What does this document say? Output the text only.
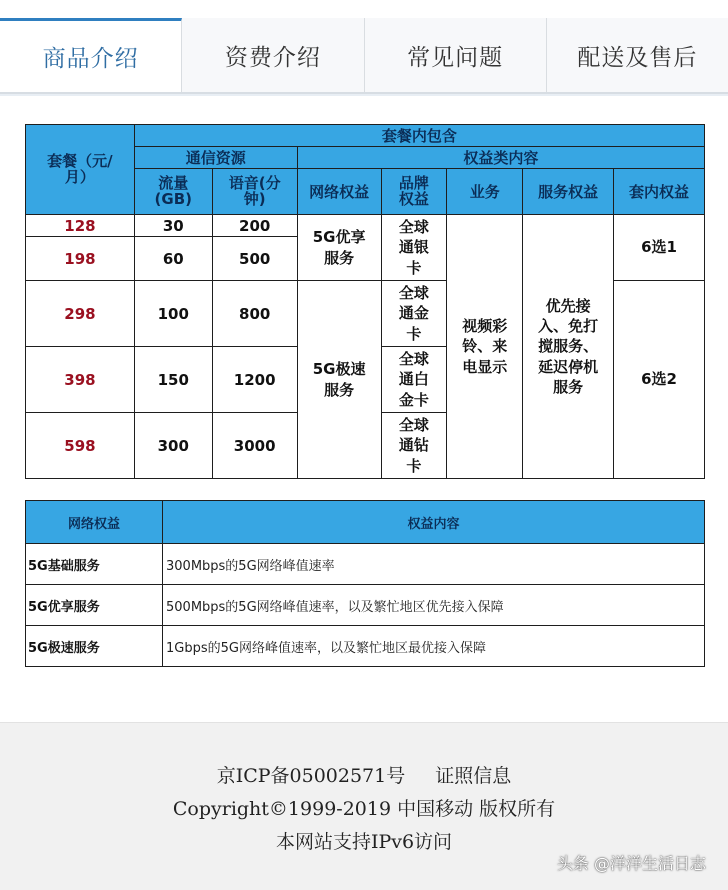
商品介绍	资费介绍	常见问题	配送及售后
套餐（元/月）	套餐内包含						
	通信资源		权益类内容				
	流量(GB)	语音(分钟)	网络权益	品牌权益	业务	服务权益	套内权益
128	30	200	5G优享服务	全球通银卡	视频彩铃、来电显示	优先接入、免打搅服务、延迟停机服务	6选1
198	60	500					
298	100	800	5G极速服务	全球通金卡			6选2
398	150	1200		全球通白金卡			
598	300	3000		全球通钻卡			
网络权益	权益内容
5G基础服务	300Mbps的5G网络峰值速率
5G优享服务	500Mbps的5G网络峰值速率，以及繁忙地区优先接入保障
5G极速服务	1Gbps的5G网络峰值速率，以及繁忙地区最优接入保障
京ICP备05002571号 证照信息
Copyright©1999-2019 中国移动 版权所有
本网站支持IPv6访问
头条 @洋洋生活日志
